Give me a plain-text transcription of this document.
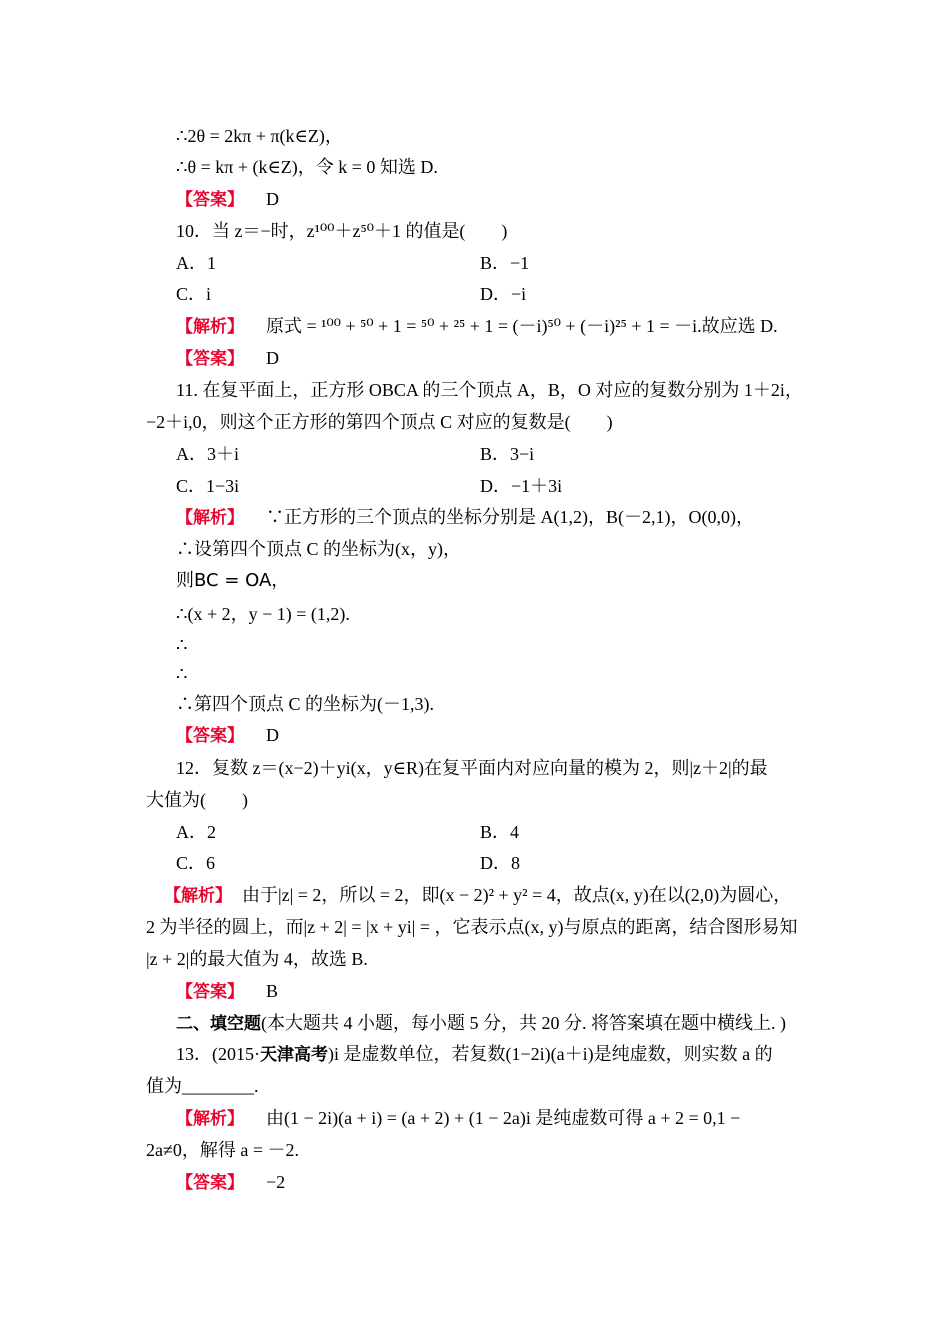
∴2θ = 2kπ + π(k∈Z)，
∴θ = kπ + (k∈Z)，令 k = 0 知选 D.
【答案】 D
10．当 z＝−时，z¹⁰⁰＋z⁵⁰＋1 的值是(　　)
A．1	B．−1
C．i	D．−i
【解析】 原式 = ¹⁰⁰ + ⁵⁰ + 1 = ⁵⁰ + ²⁵ + 1 = (－i)⁵⁰ + (－i)²⁵ + 1 = －i.故应选 D.
【答案】 D
11. 在复平面上，正方形 OBCA 的三个顶点 A，B，O 对应的复数分别为 1＋2i，
−2＋i,0，则这个正方形的第四个顶点 C 对应的复数是(　　)
A．3＋i	B．3−i
C．1−3i	D．−1＋3i
【解析】 ∵正方形的三个顶点的坐标分别是 A(1,2)，B(－2,1)，O(0,0)，
∴设第四个顶点 C 的坐标为(x，y)，
则BC = OA，
∴(x + 2，y − 1) = (1,2).
∴
∴
∴第四个顶点 C 的坐标为(－1,3).
【答案】 D
12．复数 z＝(x−2)＋yi(x，y∈R)在复平面内对应向量的模为 2，则|z＋2|的最
大值为(　　)
A．2	B．4
C．6	D．8
【解析】 由于|z| = 2，所以 = 2，即(x − 2)² + y² = 4，故点(x, y)在以(2,0)为圆心，
2 为半径的圆上，而|z + 2| = |x + yi| = ，它表示点(x, y)与原点的距离，结合图形易知
|z + 2|的最大值为 4，故选 B.
【答案】 B
二、填空题(本大题共 4 小题，每小题 5 分，共 20 分. 将答案填在题中横线上. )
13．(2015·天津高考)i 是虚数单位，若复数(1−2i)(a＋i)是纯虚数，则实数 a 的
值为________.
【解析】 由(1 − 2i)(a + i) = (a + 2) + (1 − 2a)i 是纯虚数可得 a + 2 = 0,1 −
2a≠0，解得 a = －2.
【答案】 −2
